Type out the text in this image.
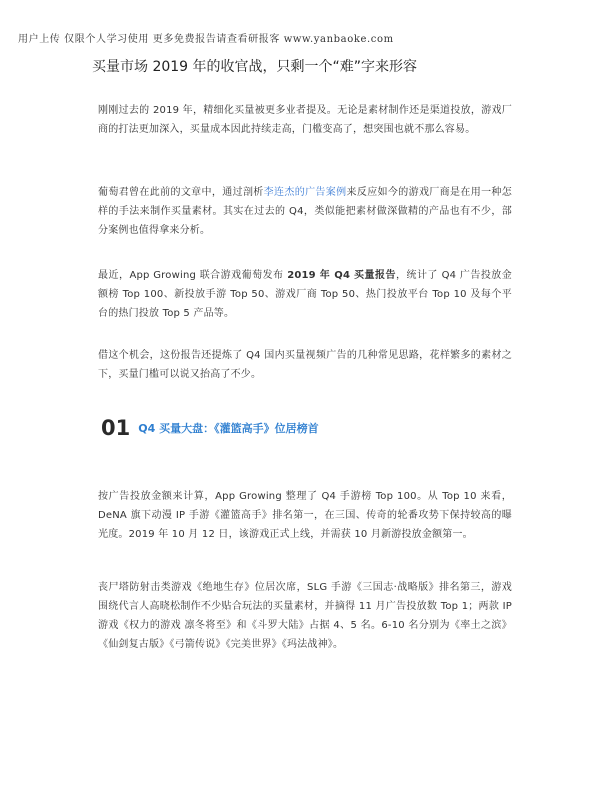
用户上传 仅限个人学习使用 更多免费报告请查看研报客 www.yanbaoke.com
买量市场 2019 年的收官战，只剩一个“难”字来形容

刚刚过去的 2019 年，精细化买量被更多业者提及。无论是素材制作还是渠道投放，游戏厂商的打法更加深入，买量成本因此持续走高，门槛变高了，想突围也就不那么容易。

葡萄君曾在此前的文章中，通过剖析李连杰的广告案例来反应如今的游戏厂商是在用一种怎样的手法来制作买量素材。其实在过去的 Q4，类似能把素材做深做精的产品也有不少，部分案例也值得拿来分析。

最近，App Growing 联合游戏葡萄发布 2019 年 Q4 买量报告，统计了 Q4 广告投放金额榜 Top 100、新投放手游 Top 50、游戏厂商 Top 50、热门投放平台 Top 10 及每个平台的热门投放 Top 5 产品等。

借这个机会，这份报告还提炼了 Q4 国内买量视频广告的几种常见思路，花样繁多的素材之下，买量门槛可以说又抬高了不少。

01 Q4 买量大盘：《灌篮高手》位居榜首

按广告投放金额来计算，App Growing 整理了 Q4 手游榜 Top 100。从 Top 10 来看，DeNA 旗下动漫 IP 手游《灌篮高手》排名第一，在三国、传奇的轮番攻势下保持较高的曝光度。2019 年 10 月 12 日，该游戏正式上线，并需获 10 月新游投放金额第一。

丧尸塔防射击类游戏《绝地生存》位居次席，SLG 手游《三国志·战略版》排名第三，游戏围绕代言人高晓松制作不少贴合玩法的买量素材，并摘得 11 月广告投放数 Top 1；两款 IP 游戏《权力的游戏 凛冬将至》和《斗罗大陆》占据 4、5 名。6-10 名分别为《率土之滨》《仙剑复古版》《弓箭传说》《完美世界》《玛法战神》。
